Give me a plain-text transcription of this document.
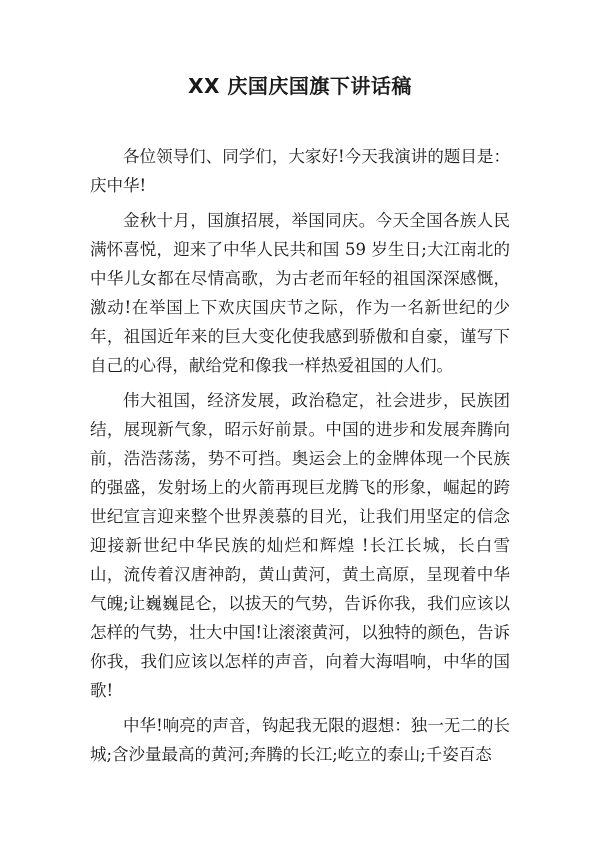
XX 庆国庆国旗下讲话稿

各位领导们、同学们，大家好!今天我演讲的题目是：庆中华!

金秋十月，国旗招展，举国同庆。今天全国各族人民满怀喜悦，迎来了中华人民共和国 59 岁生日;大江南北的中华儿女都在尽情高歌，为古老而年轻的祖国深深感慨，激动!在举国上下欢庆国庆节之际，作为一名新世纪的少年，祖国近年来的巨大变化使我感到骄傲和自豪，谨写下自己的心得，献给党和像我一样热爱祖国的人们。

伟大祖国，经济发展，政治稳定，社会进步，民族团结，展现新气象，昭示好前景。中国的进步和发展奔腾向前，浩浩荡荡，势不可挡。奥运会上的金牌体现一个民族的强盛，发射场上的火箭再现巨龙腾飞的形象，崛起的跨世纪宣言迎来整个世界羡慕的目光，让我们用坚定的信念迎接新世纪中华民族的灿烂和辉煌 !长江长城，长白雪山，流传着汉唐神韵，黄山黄河，黄土高原，呈现着中华气魄;让巍巍昆仑，以拔天的气势，告诉你我，我们应该以怎样的气势，壮大中国!让滚滚黄河，以独特的颜色，告诉你我，我们应该以怎样的声音，向着大海唱响，中华的国歌!

中华!响亮的声音，钩起我无限的遐想：独一无二的长城;含沙量最高的黄河;奔腾的长江;屹立的泰山;千姿百态
